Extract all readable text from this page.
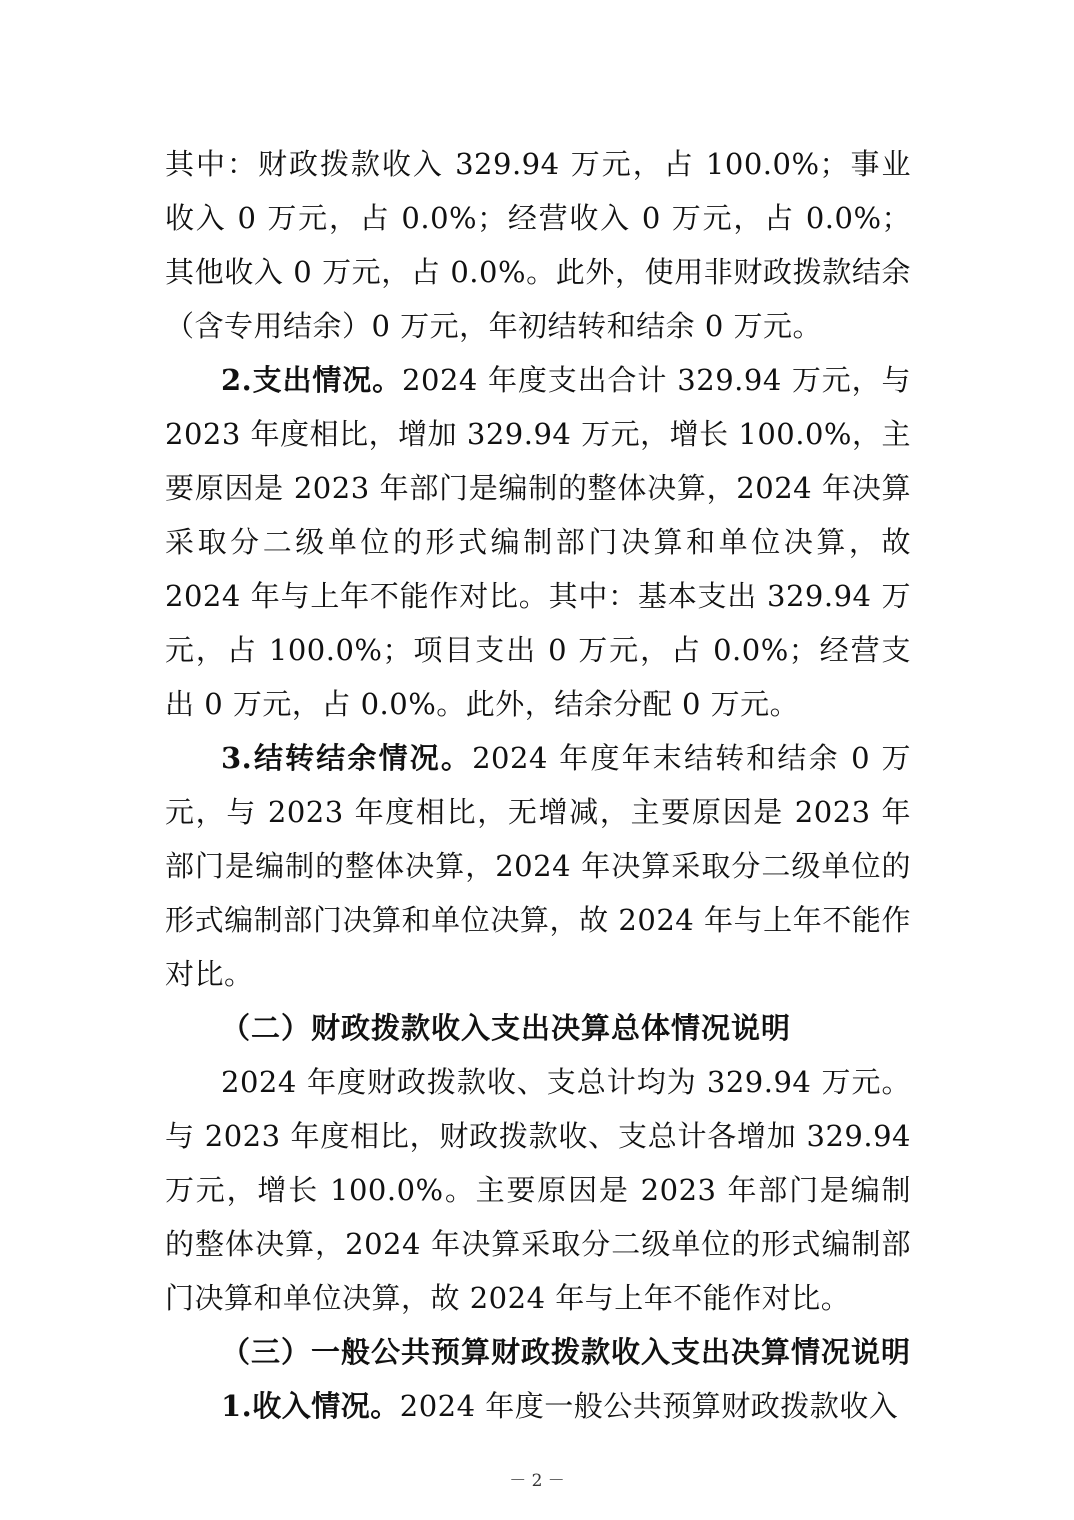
其中：财政拨款收入 329.94 万元，占 100.0%；事业收入 0 万元，占 0.0%；经营收入 0 万元，占 0.0%；其他收入 0 万元，占 0.0%。此外，使用非财政拨款结余（含专用结余）0 万元，年初结转和结余 0 万元。

2.支出情况。2024 年度支出合计 329.94 万元，与 2023 年度相比，增加 329.94 万元，增长 100.0%，主要原因是 2023 年部门是编制的整体决算，2024 年决算采取分二级单位的形式编制部门决算和单位决算，故 2024 年与上年不能作对比。其中：基本支出 329.94 万元，占 100.0%；项目支出 0 万元，占 0.0%；经营支出 0 万元，占 0.0%。此外，结余分配 0 万元。

3.结转结余情况。2024 年度年末结转和结余 0 万元，与 2023 年度相比，无增减，主要原因是 2023 年部门是编制的整体决算，2024 年决算采取分二级单位的形式编制部门决算和单位决算，故 2024 年与上年不能作对比。

（二）财政拨款收入支出决算总体情况说明

2024 年度财政拨款收、支总计均为 329.94 万元。与 2023 年度相比，财政拨款收、支总计各增加 329.94 万元，增长 100.0%。主要原因是 2023 年部门是编制的整体决算，2024 年决算采取分二级单位的形式编制部门决算和单位决算，故 2024 年与上年不能作对比。

（三）一般公共预算财政拨款收入支出决算情况说明

1.收入情况。2024 年度一般公共预算财政拨款收入

－ 2 －
